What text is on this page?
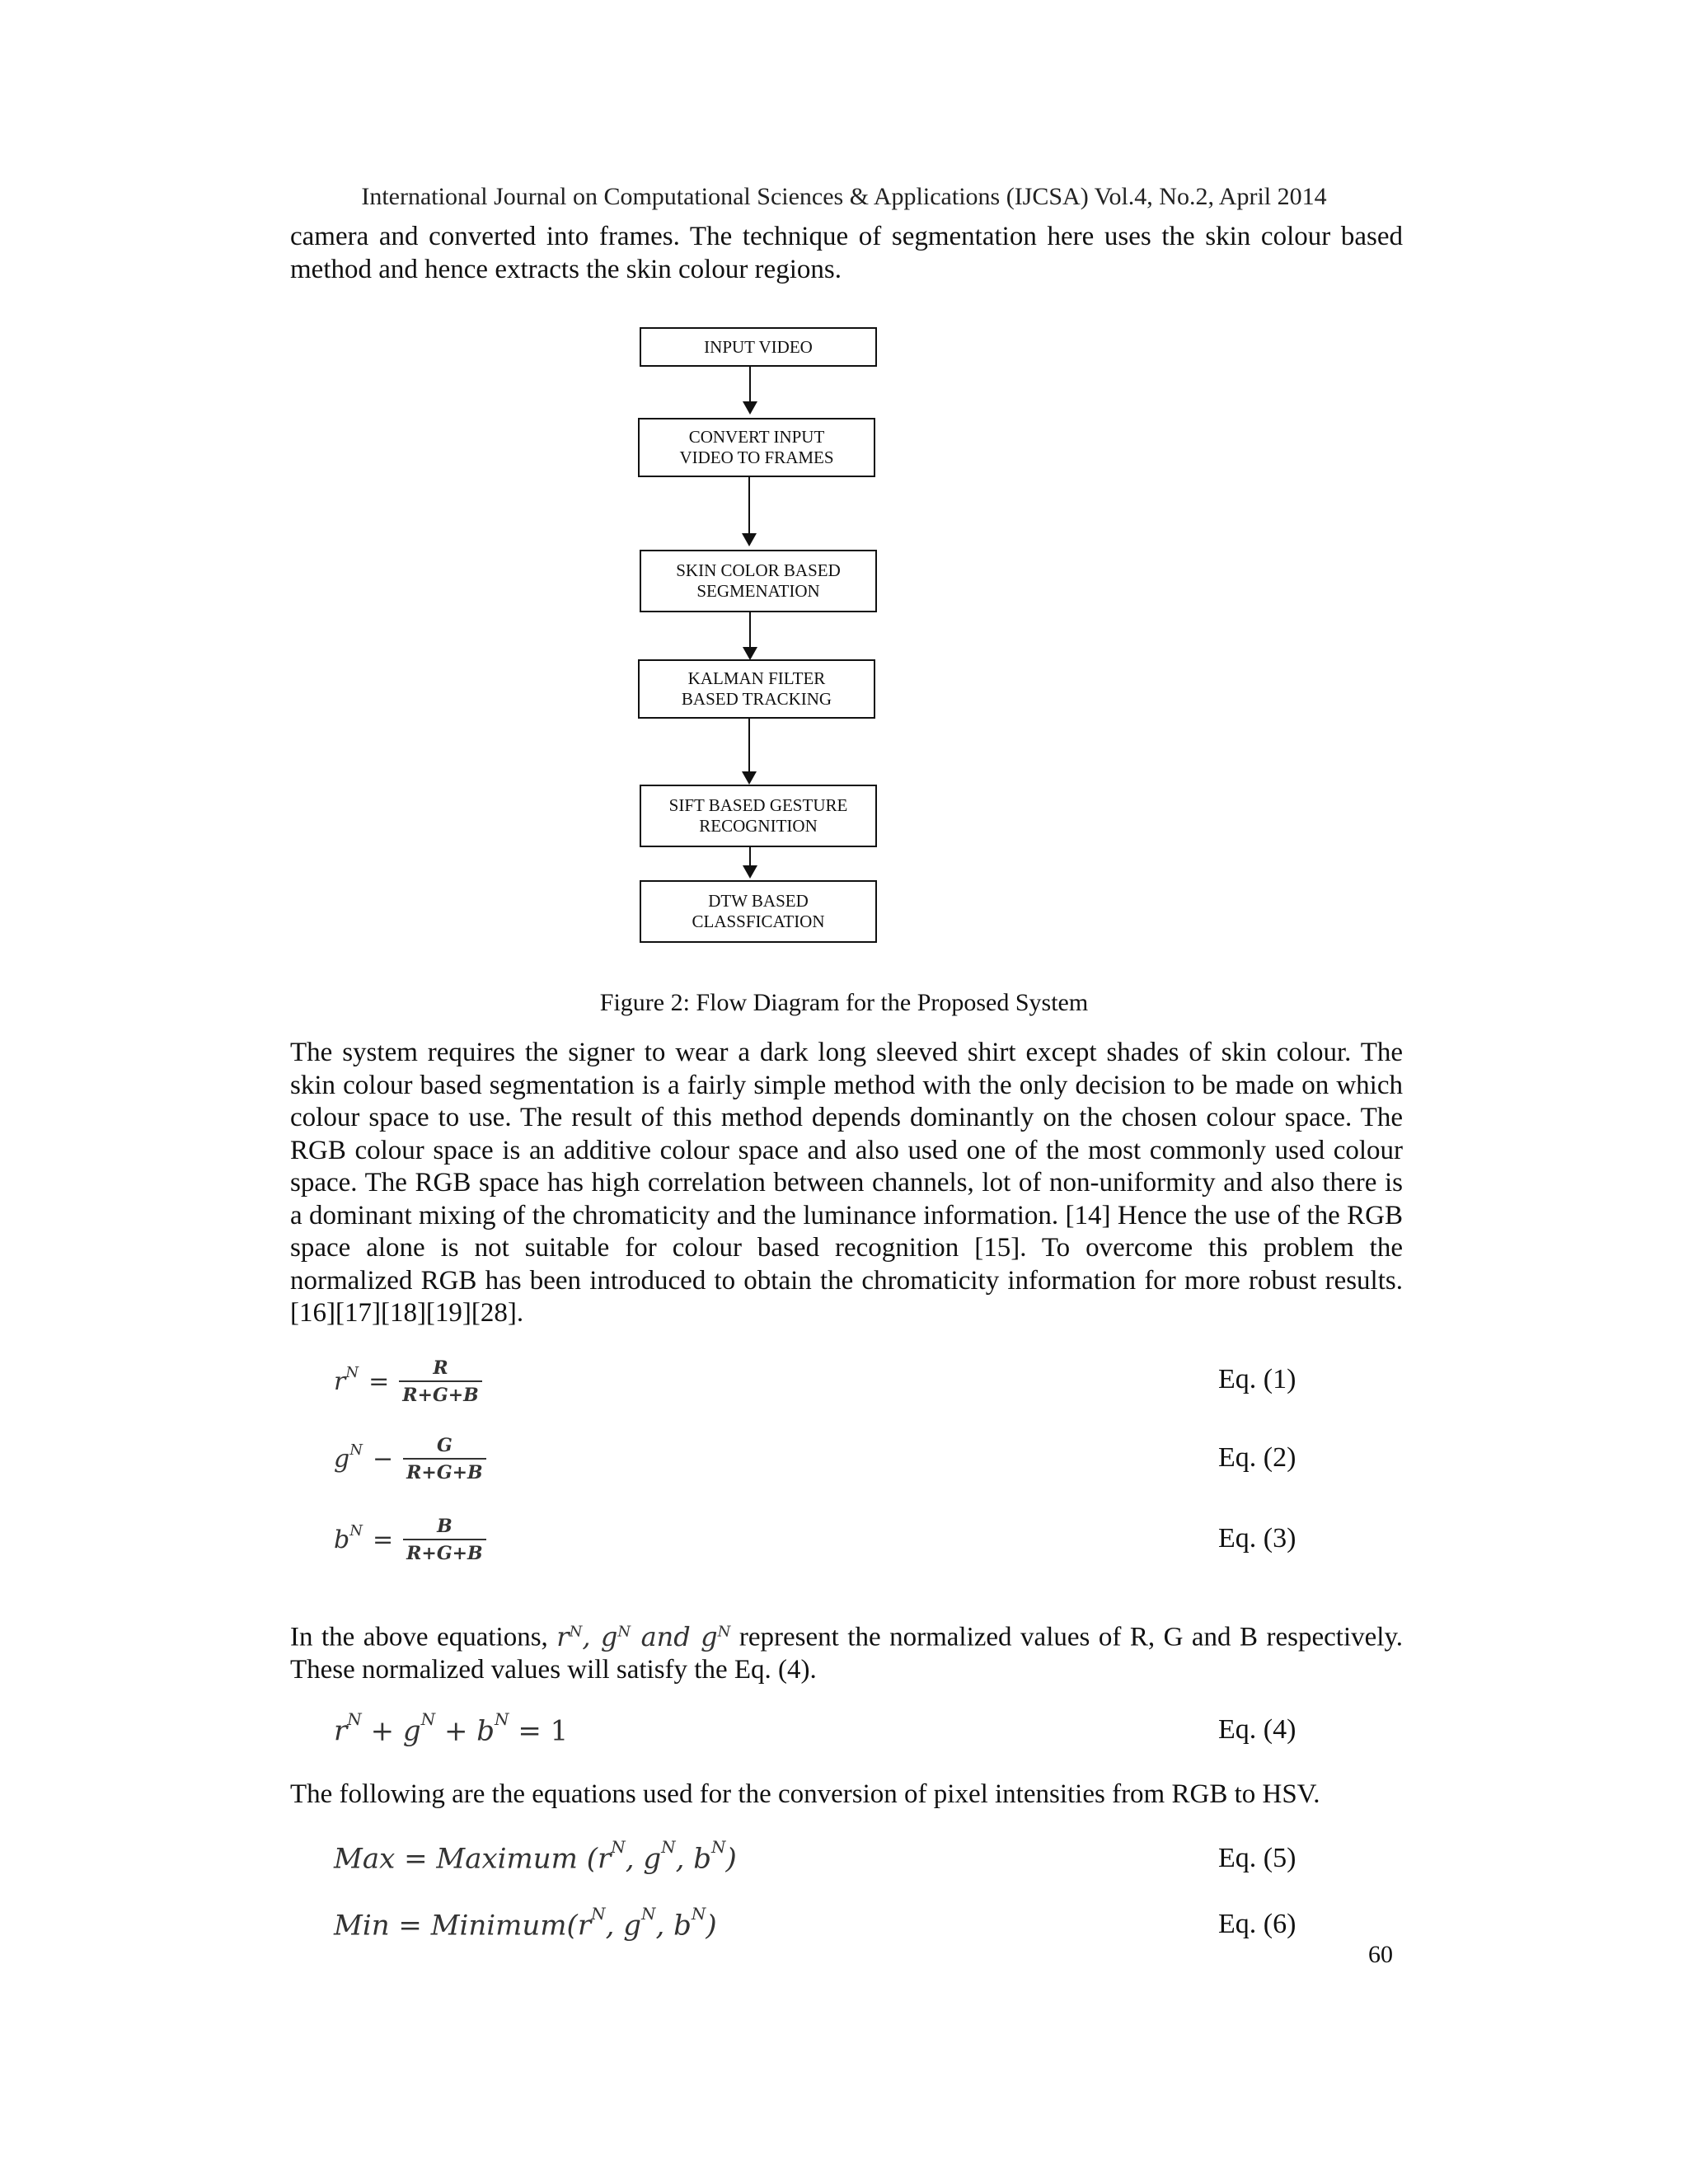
International Journal on Computational Sciences & Applications (IJCSA) Vol.4, No.2, April 2014

camera and converted into frames. The technique of segmentation here uses the skin colour based method and hence extracts the skin colour regions.

INPUT VIDEO
CONVERT INPUT
VIDEO TO FRAMES
SKIN COLOR BASED
SEGMENATION
KALMAN FILTER
BASED TRACKING
SIFT BASED GESTURE
RECOGNITION
DTW BASED
CLASSFICATION
Figure 2: Flow Diagram for the Proposed System

The system requires the signer to wear a dark long sleeved shirt except shades of skin colour. The skin colour based segmentation is a fairly simple method with the only decision to be made on which colour space to use. The result of this method depends dominantly on the chosen colour space. The RGB colour space is an additive colour space and also used one of the most commonly used colour space. The RGB space has high correlation between channels, lot of non-uniformity and also there is a dominant mixing of the chromaticity and the luminance information. [14] Hence the use of the RGB space alone is not suitable for colour based recognition [15]. To overcome this problem the normalized RGB has been introduced to obtain the chromaticity information for more robust results. [16][17][18][19][28].

$r^N = \frac{R}{R+G+B}$	Eq. (1)
$g^N - \frac{G}{R+G+B}$	Eq. (2)
$b^N = \frac{B}{R+G+B}$	Eq. (3)

In the above equations, $r^N$, $g^N$ and $g^N$ represent the normalized values of R, G and B respectively. These normalized values will satisfy the Eq. (4).

$r^N + g^N + b^N = 1$	Eq. (4)

The following are the equations used for the conversion of pixel intensities from RGB to HSV.

Max = Maximum ($r^N$, $g^N$, $b^N$)	Eq. (5)
Min = $Minimum(r^N$, $g^N$, $b^N$)	Eq. (6)
60
